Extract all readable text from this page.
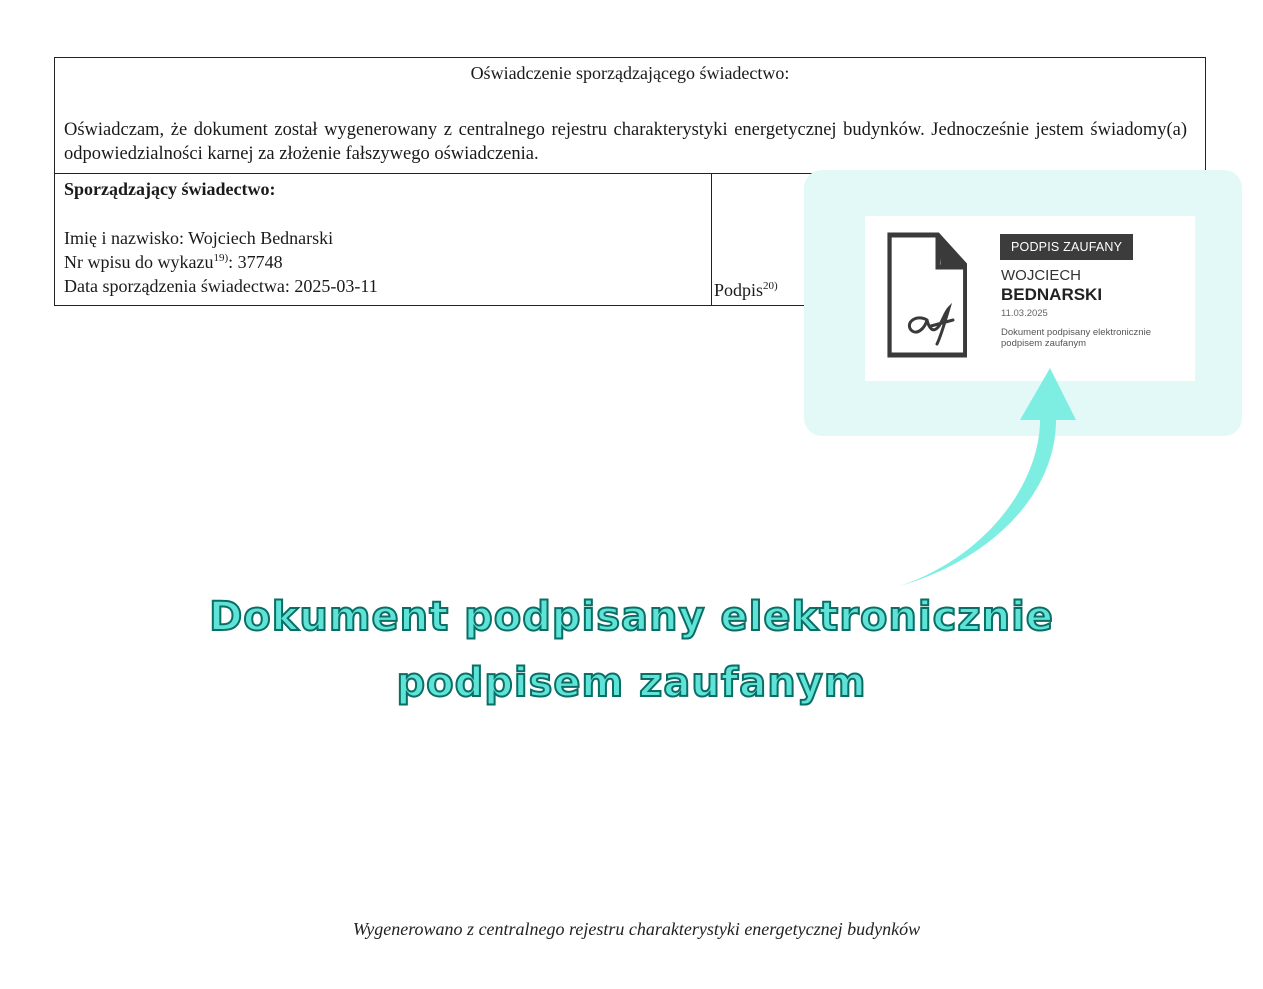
Oświadczenie sporządzającego świadectwo:
Oświadczam, że dokument został wygenerowany z centralnego rejestru charakterystyki energetycznej budynków. Jednocześnie jestem świadomy(a) odpowiedzialności karnej za złożenie fałszywego oświadczenia.
Sporządzający świadectwo:
Imię i nazwisko: Wojciech Bednarski
Nr wpisu do wykazu$^{19)}$: 37748
Data sporządzenia świadectwa: 2025-03-11	Podpis$^{20)}$
PODPIS ZAUFANY
WOJCIECH
BEDNARSKI
11.03.2025
Dokument podpisany elektronicznie podpisem zaufanym
Dokument podpisany elektronicznie
podpisem zaufanym
Wygenerowano z centralnego rejestru charakterystyki energetycznej budynków
